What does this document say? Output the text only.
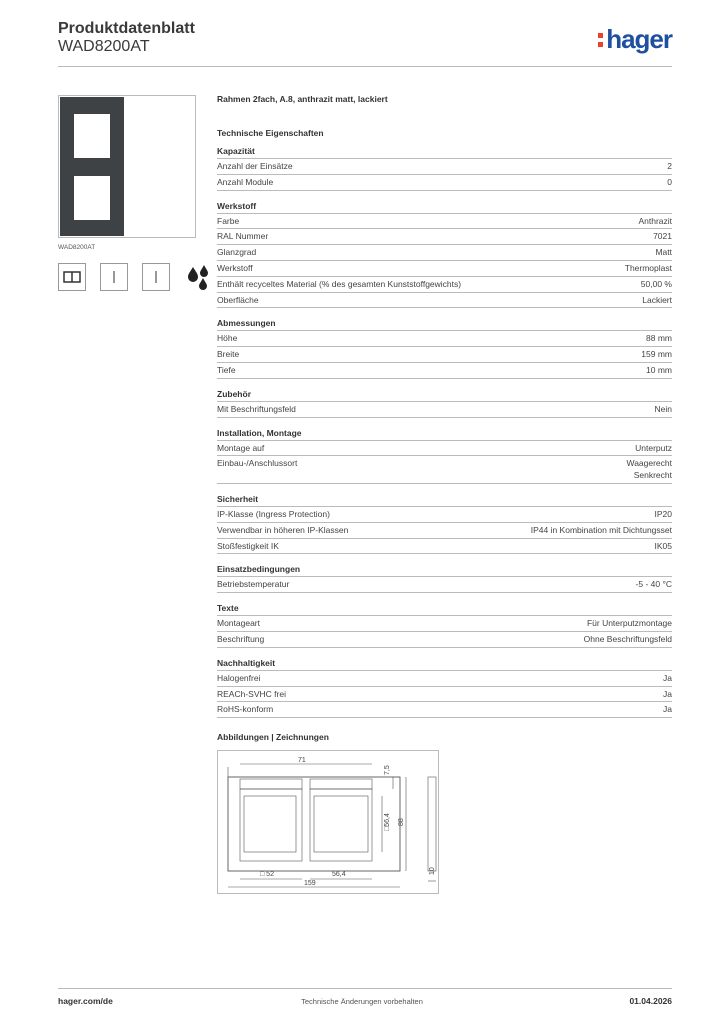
Produktdatenblatt
WAD8200AT	hager
WAD8200AT
Rahmen 2fach, A.8, anthrazit matt, lackiert
Technische Eigenschaften
Kapazität
Anzahl der Einsätze	2
Anzahl Module	0
Werkstoff
Farbe	Anthrazit
RAL Nummer	7021
Glanzgrad	Matt
Werkstoff	Thermoplast
Enthält recyceltes Material (% des gesamten Kunststoffgewichts)	50,00 %
Oberfläche	Lackiert
Abmessungen
Höhe	88 mm
Breite	159 mm
Tiefe	10 mm
Zubehör
Mit Beschriftungsfeld	Nein
Installation, Montage
Montage auf	Unterputz
Einbau-/Anschlussort	Waagerecht
Senkrecht
Sicherheit
IP-Klasse (Ingress Protection)	IP20
Verwendbar in höheren IP-Klassen	IP44 in Kombination mit Dichtungsset
Stoßfestigkeit IK	IK05
Einsatzbedingungen
Betriebstemperatur	-5 - 40 °C
Texte
Montageart	Für Unterputzmontage
Beschriftung	Ohne Beschriftungsfeld
Nachhaltigkeit
Halogenfrei	Ja
REACh-SVHC frei	Ja
RoHS-konform	Ja
Abbildungen | Zeichnungen
71
7,5
□56,4 88
□ 52	56,4
159
10
hager.com/de	Technische Änderungen vorbehalten	01.04.2026
